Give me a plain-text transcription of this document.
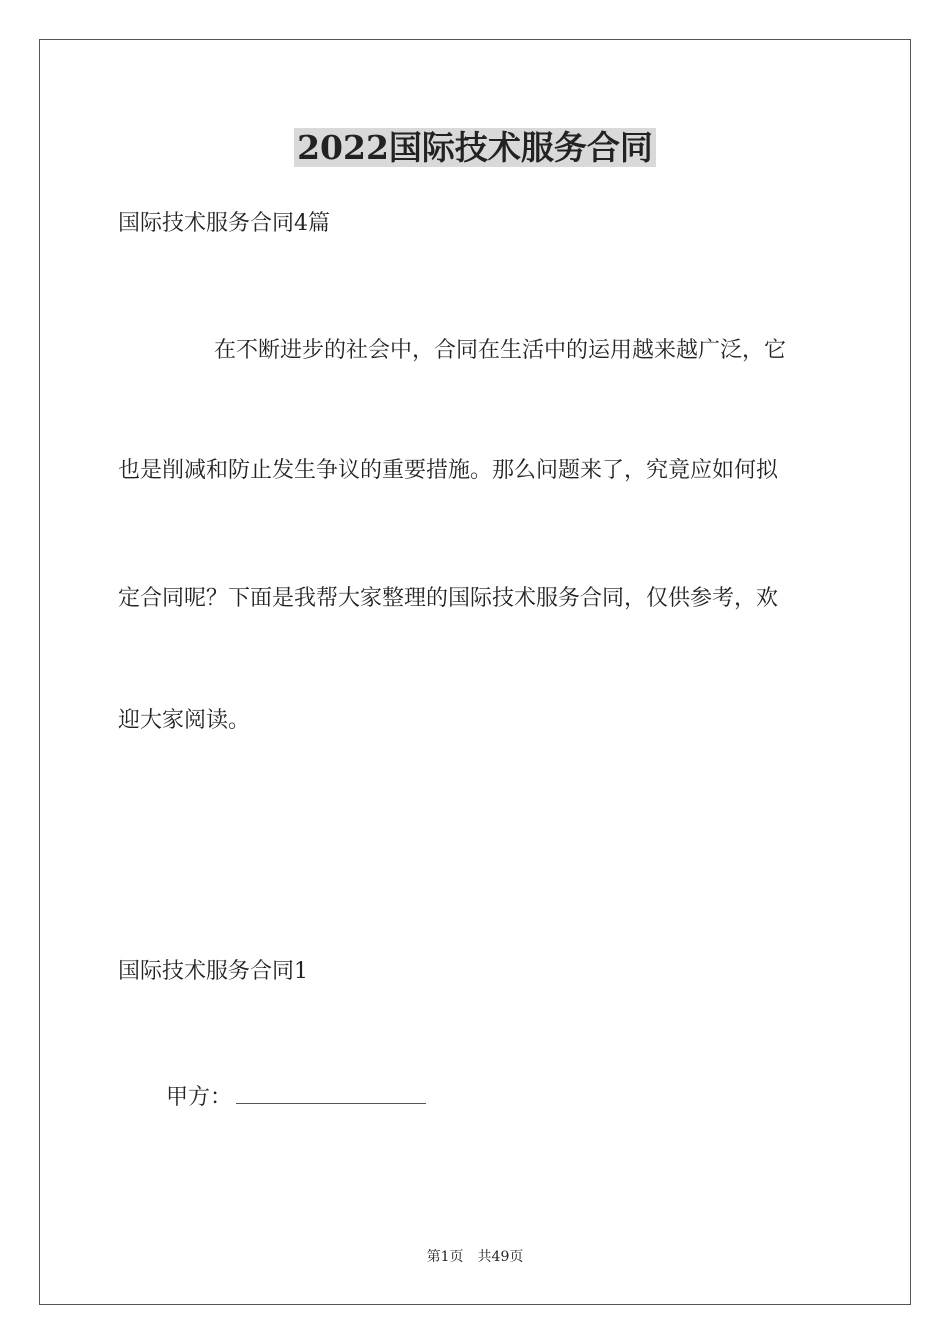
2022国际技术服务合同
国际技术服务合同4篇
在不断进步的社会中，合同在生活中的运用越来越广泛，它
也是削减和防止发生争议的重要措施。那么问题来了，究竟应如何拟
定合同呢？下面是我帮大家整理的国际技术服务合同，仅供参考，欢
迎大家阅读。
国际技术服务合同1
甲方：
第1页 共49页
